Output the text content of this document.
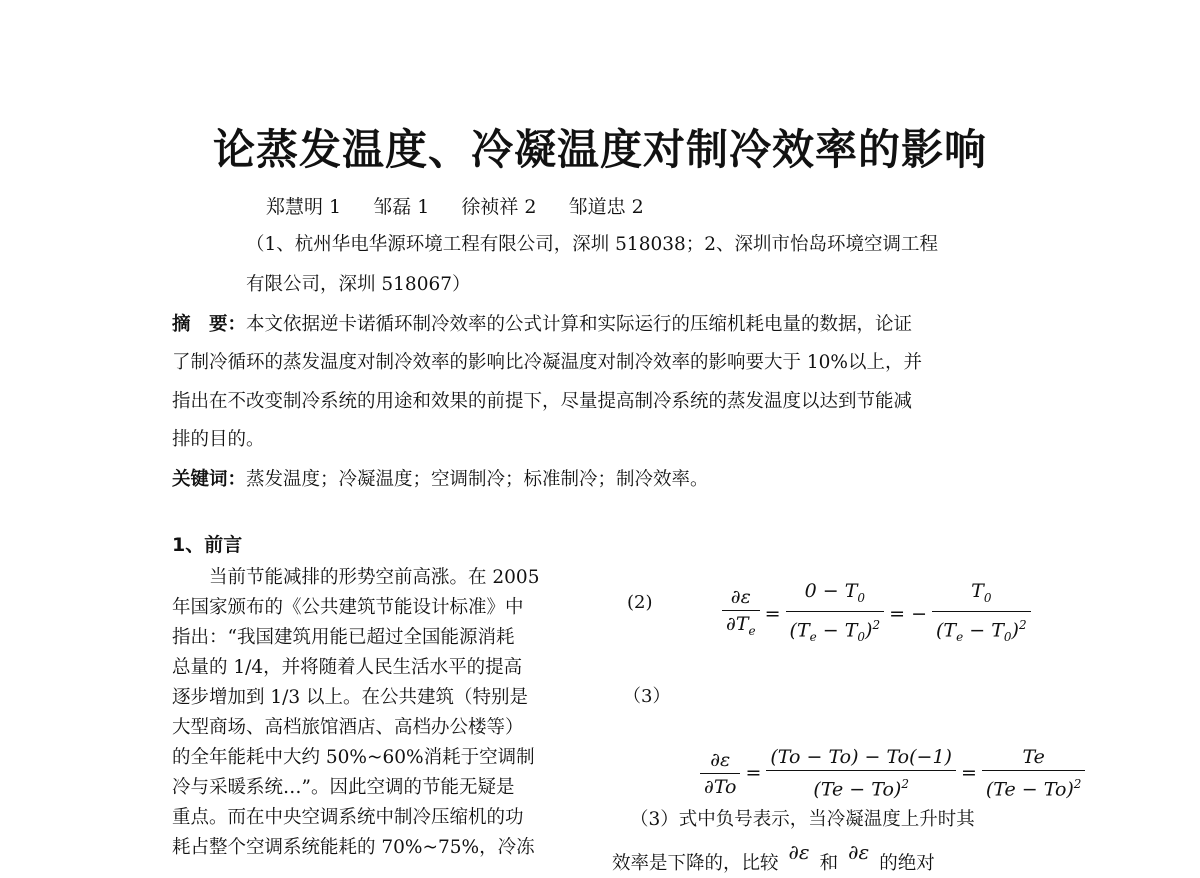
论蒸发温度、冷凝温度对制冷效率的影响
郑慧明 1 邹磊 1 徐祯祥 2 邹道忠 2
（1、杭州华电华源环境工程有限公司，深圳 518038；2、深圳市怡岛环境空调工程
有限公司，深圳 518067）
摘　要：本文依据逆卡诺循环制冷效率的公式计算和实际运行的压缩机耗电量的数据，论证
了制冷循环的蒸发温度对制冷效率的影响比冷凝温度对制冷效率的影响要大于 10%以上，并
指出在不改变制冷系统的用途和效果的前提下，尽量提高制冷系统的蒸发温度以达到节能减
排的目的。
关键词：蒸发温度；冷凝温度；空调制冷；标准制冷；制冷效率。
1、前言
　　当前节能减排的形势空前高涨。在 2005
年国家颁布的《公共建筑节能设计标准》中
指出：“我国建筑用能已超过全国能源消耗
总量的 1/4，并将随着人民生活水平的提高
逐步增加到 1/3 以上。在公共建筑（特别是
大型商场、高档旅馆酒店、高档办公楼等）
的全年能耗中大约 50%~60%消耗于空调制
冷与采暖系统…”。因此空调的节能无疑是
重点。而在中央空调系统中制冷压缩机的功
耗占整个空调系统能耗的 70%~75%，冷冻
(2)	$\frac{\partial\varepsilon}{\partial T_e} = \frac{0 - T_0}{(T_e - T_0)^2}$ = − $\frac{T_0}{(T_e - T_0)^2}$
（3）
$\frac{\partial\varepsilon}{\partial To} = \frac{(To - To) - To(-1)}{(Te - To)^2} = \frac{Te}{(Te - To)^2}$
（3）式中负号表示，当冷凝温度上升时其
效率是下降的，比较 ∂ε 和 ∂ε 的绝对
